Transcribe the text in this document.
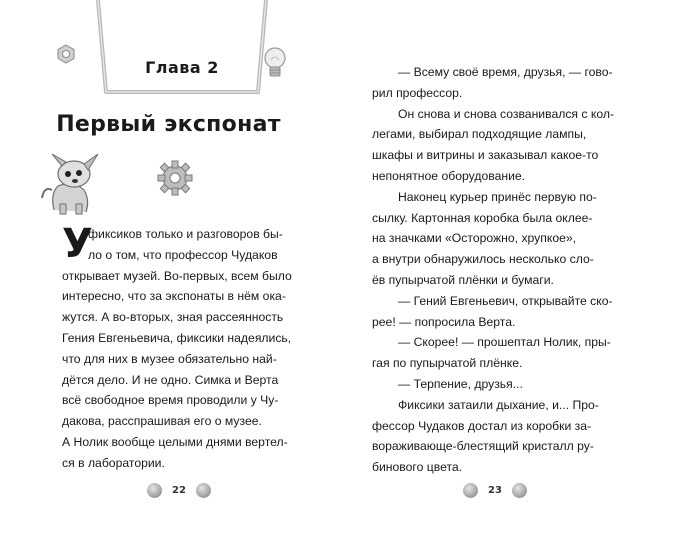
Глава 2
Первый экспонат
У
фиксиков только и разговоров бы-
ло о том, что профессор Чудаков
открывает музей. Во-первых, всем было
интересно, что за экспонаты в нём ока-
жутся. А во-вторых, зная рассеянность
Гения Евгеньевича, фиксики надеялись,
что для них в музее обязательно най-
дётся дело. И не одно. Симка и Верта
всё свободное время проводили у Чу-
дакова, расспрашивая его о музее.
А Нолик вообще целыми днями вертел-
ся в лаборатории.
22
— Всему своё время, друзья, — гово-
рил профессор.
Он снова и снова созванивался с кол-
легами, выбирал подходящие лампы,
шкафы и витрины и заказывал какое-то
непонятное оборудование.
Наконец курьер принёс первую по-
сылку. Картонная коробка была оклее-
на значками «Осторожно, хрупкое»,
а внутри обнаружилось несколько сло-
ёв пупырчатой плёнки и бумаги.
— Гений Евгеньевич, открывайте ско-
рее! — попросила Верта.
— Скорее! — прошептал Нолик, пры-
гая по пупырчатой плёнке.
— Терпение, друзья...
Фиксики затаили дыхание, и... Про-
фессор Чудаков достал из коробки за-
вораживающе-блестящий кристалл ру-
бинового цвета.
23
